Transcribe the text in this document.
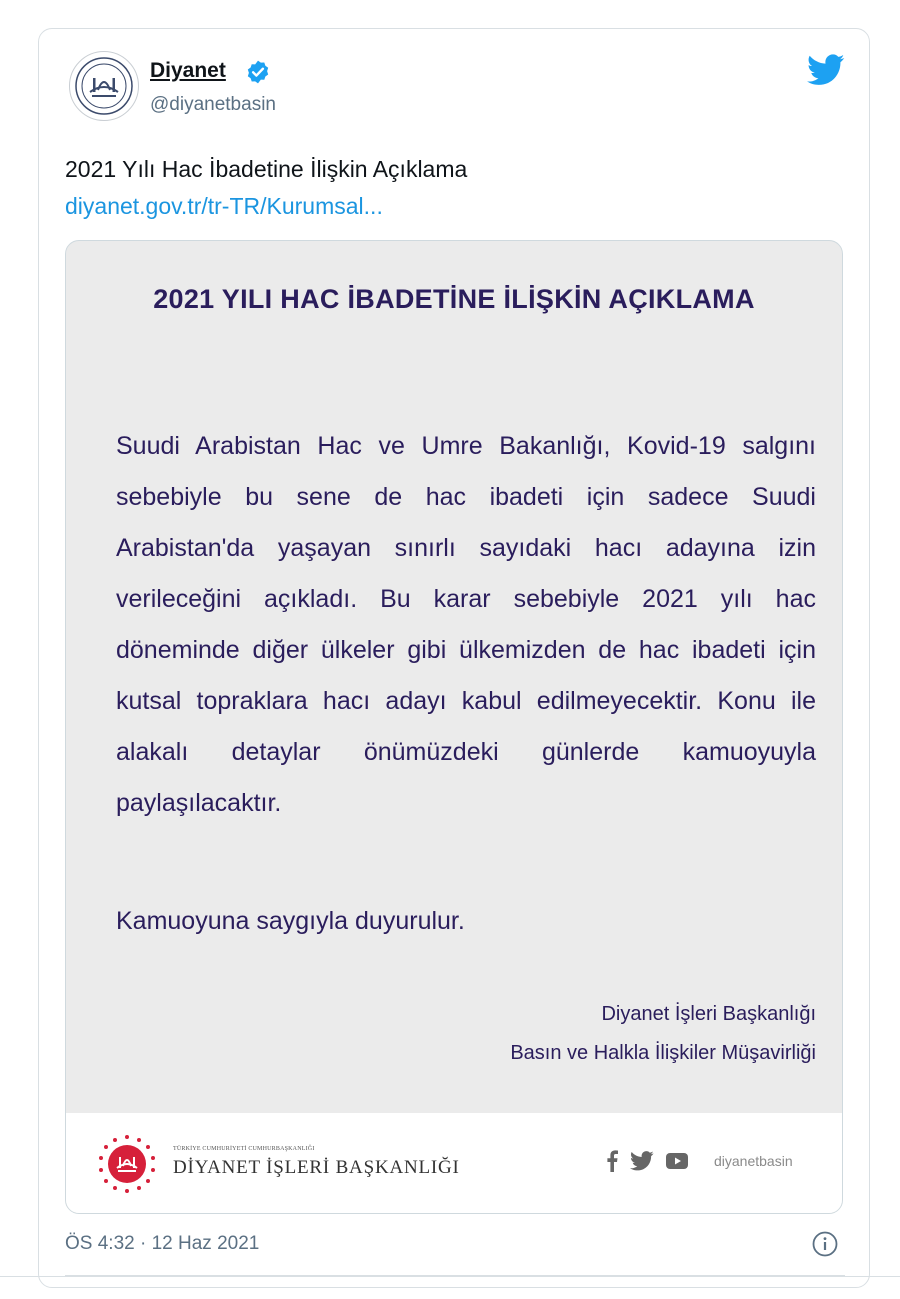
Diyanet
@diyanetbasin
2021 Yılı Hac İbadetine İlişkin Açıklama
diyanet.gov.tr/tr-TR/Kurumsal...
2021 YILI HAC İBADETİNE İLİŞKİN AÇIKLAMA
Suudi Arabistan Hac ve Umre Bakanlığı, Kovid-19 salgını sebebiyle bu sene de hac ibadeti için sadece Suudi Arabistan'da yaşayan sınırlı sayıdaki hacı adayına izin verileceğini açıkladı. Bu karar sebebiyle 2021 yılı hac döneminde diğer ülkeler gibi ülkemizden de hac ibadeti için kutsal topraklara hacı adayı kabul edilmeyecektir. Konu ile alakalı detaylar önümüzdeki günlerde kamuoyuyla paylaşılacaktır.
Kamuoyuna saygıyla duyurulur.
Diyanet İşleri Başkanlığı
Basın ve Halkla İlişkiler Müşavirliği
TÜRKİYE CUMHURİYETİ CUMHURBAŞKANLIĞI
DİYANET İŞLERİ BAŞKANLIĞI	diyanetbasin
ÖS 4:32 · 12 Haz 2021
